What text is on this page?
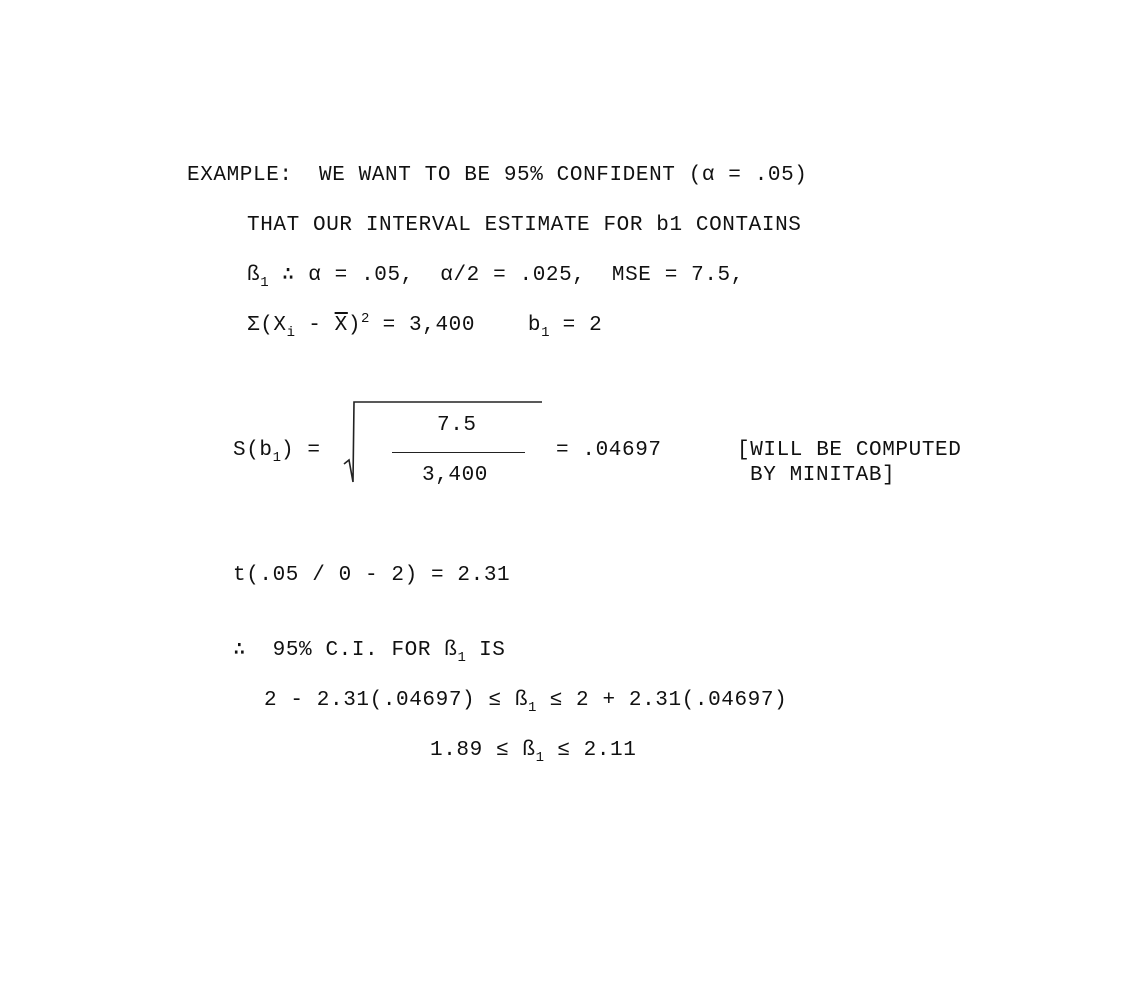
EXAMPLE: WE WANT TO BE 95% CONFIDENT (α = .05)
THAT OUR INTERVAL ESTIMATE FOR b1 CONTAINS
$ß_1$ ∴ α = .05,  α/2 = .025,  MSE = 7.5,
$\Sigma(X_i - \overline{X})^2 = 3,400$    $b_1 = 2$
$S(b_1)$ =
7.5
3,400
= .04697	[WILL BE COMPUTED
BY MINITAB]
t(.05 / 0 - 2) = 2.31
∴  95% C.I. FOR $ß_1$ IS
$2 - 2.31(.04697) \le ß_1 \le 2 + 2.31(.04697)$
$1.89 \le ß_1 \le 2.11$
